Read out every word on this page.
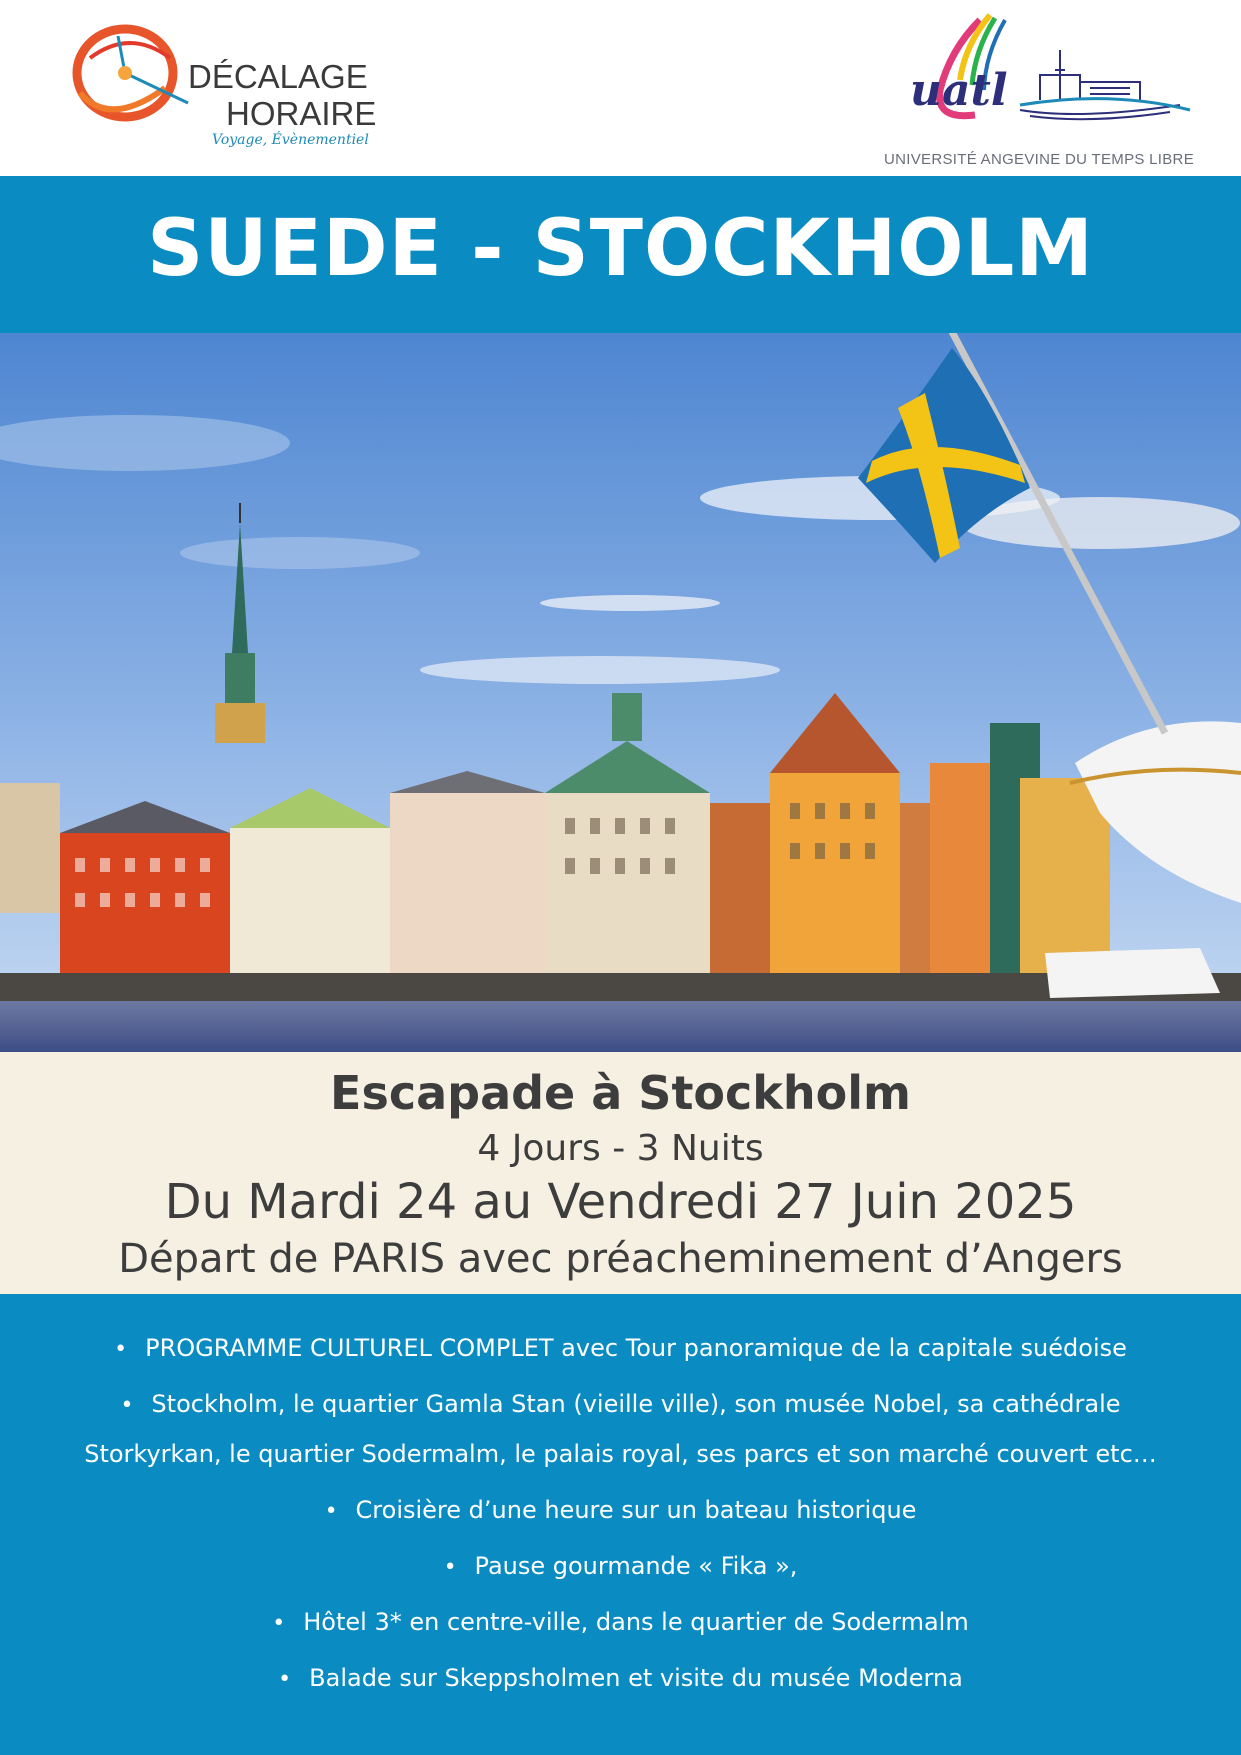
DÉCALAGE
HORAIRE
Voyage, Évènementiel
uatl
UNIVERSITÉ ANGEVINE DU TEMPS LIBRE
SUEDE - STOCKHOLM
Escapade à Stockholm
4 Jours - 3 Nuits
Du Mardi 24 au Vendredi 27 Juin 2025
Départ de PARIS avec préacheminement d’Angers
• PROGRAMME CULTUREL COMPLET avec Tour panoramique de la capitale suédoise
• Stockholm, le quartier Gamla Stan (vieille ville), son musée Nobel, sa cathédrale
Storkyrkan, le quartier Sodermalm, le palais royal, ses parcs et son marché couvert etc…
• Croisière d’une heure sur un bateau historique
• Pause gourmande « Fika »,
• Hôtel 3* en centre-ville, dans le quartier de Sodermalm
• Balade sur Skeppsholmen et visite du musée Moderna
